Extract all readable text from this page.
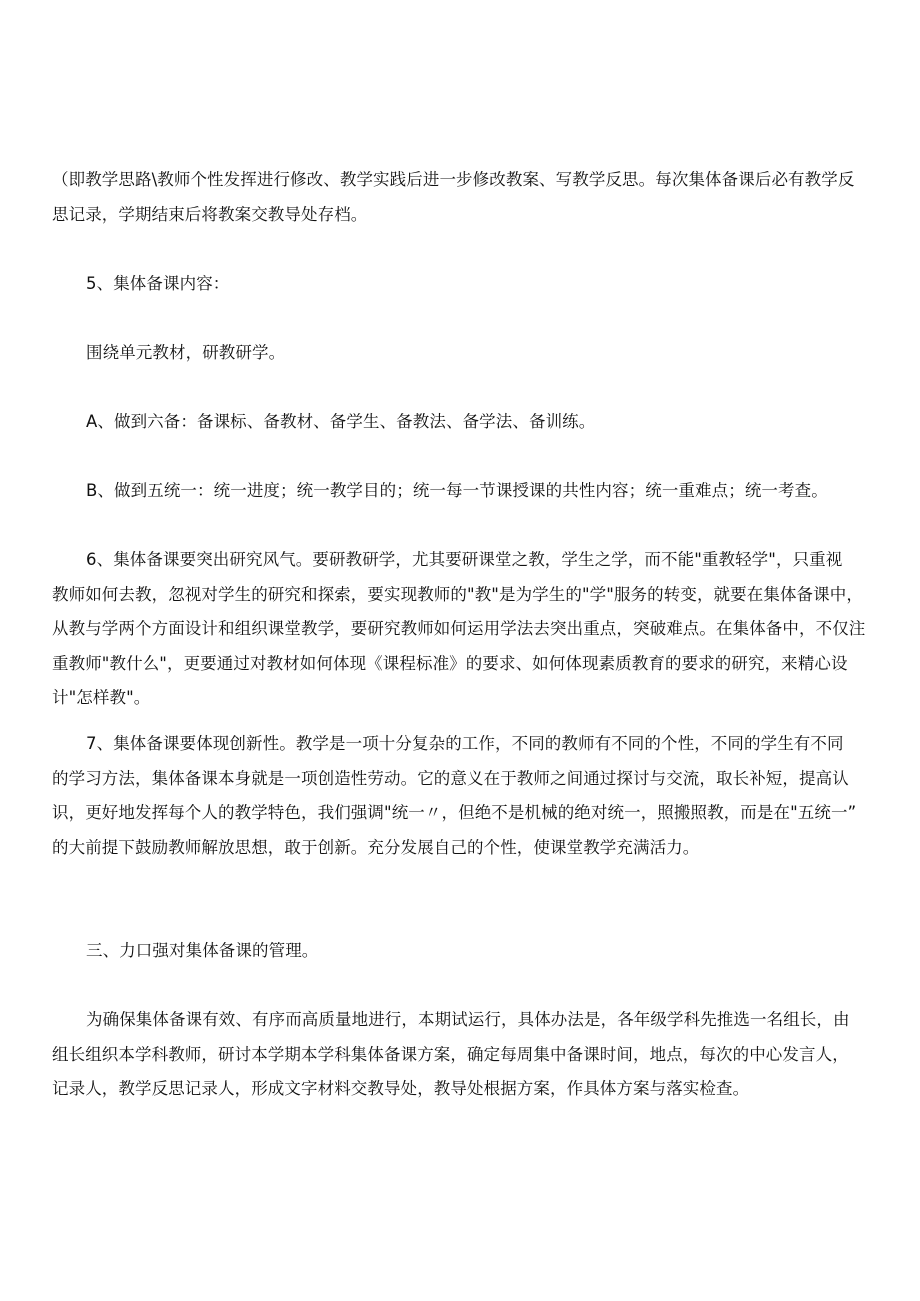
（即教学思路\教师个性发挥进行修改、教学实践后进一步修改教案、写教学反思。每次集体备课后必有教学反
思记录，学期结束后将教案交教导处存档。
5、集体备课内容：
围绕单元教材，研教研学。
A、做到六备：备课标、备教材、备学生、备教法、备学法、备训练。
B、做到五统一：统一进度；统一教学目的；统一每一节课授课的共性内容；统一重难点；统一考查。
6、集体备课要突出研究风气。要研教研学，尤其要研课堂之教，学生之学，而不能"重教轻学"，只重视
教师如何去教，忽视对学生的研究和探索，要实现教师的"教"是为学生的"学"服务的转变，就要在集体备课中，
从教与学两个方面设计和组织课堂教学，要研究教师如何运用学法去突出重点，突破难点。在集体备中，不仅注
重教师"教什么"，更要通过对教材如何体现《课程标准》的要求、如何体现素质教育的要求的研究，来精心设
计"怎样教"。
7、集体备课要体现创新性。教学是一项十分复杂的工作，不同的教师有不同的个性，不同的学生有不同
的学习方法，集体备课本身就是一项创造性劳动。它的意义在于教师之间通过探讨与交流，取长补短，提高认
识，更好地发挥每个人的教学特色，我们强调"统一〃，但绝不是机械的绝对统一，照搬照教，而是在"五统一”
的大前提下鼓励教师解放思想，敢于创新。充分发展自己的个性，使课堂教学充满活力。
三、力口强对集体备课的管理。
为确保集体备课有效、有序而高质量地进行，本期试运行，具体办法是，各年级学科先推选一名组长，由
组长组织本学科教师，研讨本学期本学科集体备课方案，确定每周集中备课时间，地点，每次的中心发言人，
记录人，教学反思记录人，形成文字材料交教导处，教导处根据方案，作具体方案与落实检查。
